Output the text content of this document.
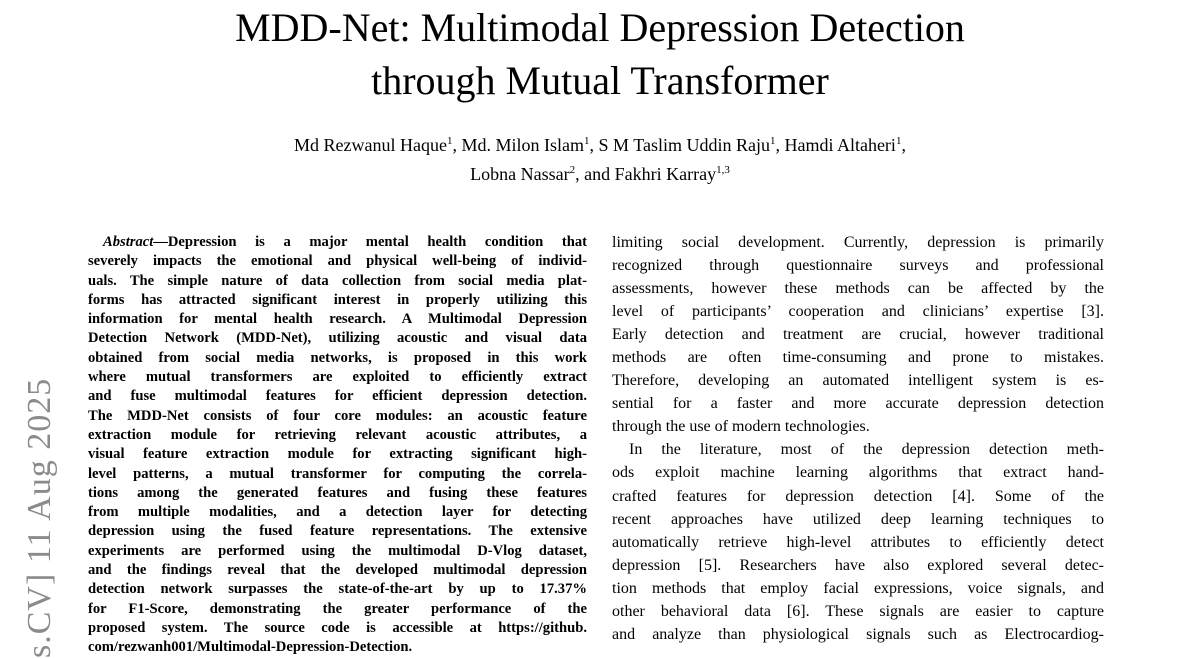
s.CV] 11 Aug 2025
MDD-Net: Multimodal Depression Detection
through Mutual Transformer
Md Rezwanul Haque$^1$, Md. Milon Islam$^1$, S M Taslim Uddin Raju$^1$, Hamdi Altaheri$^1$,
Lobna Nassar$^2$, and Fakhri Karray$^{1,3}$
Abstract—Depression is a major mental health condition that
severely impacts the emotional and physical well-being of individ-
uals. The simple nature of data collection from social media plat-
forms has attracted significant interest in properly utilizing this
information for mental health research. A Multimodal Depression
Detection Network (MDD-Net), utilizing acoustic and visual data
obtained from social media networks, is proposed in this work
where mutual transformers are exploited to efficiently extract
and fuse multimodal features for efficient depression detection.
The MDD-Net consists of four core modules: an acoustic feature
extraction module for retrieving relevant acoustic attributes, a
visual feature extraction module for extracting significant high-
level patterns, a mutual transformer for computing the correla-
tions among the generated features and fusing these features
from multiple modalities, and a detection layer for detecting
depression using the fused feature representations. The extensive
experiments are performed using the multimodal D-Vlog dataset,
and the findings reveal that the developed multimodal depression
detection network surpasses the state-of-the-art by up to 17.37%
for F1-Score, demonstrating the greater performance of the
proposed system. The source code is accessible at https://github.
com/rezwanh001/Multimodal-Depression-Detection.
limiting social development. Currently, depression is primarily
recognized through questionnaire surveys and professional
assessments, however these methods can be affected by the
level of participants’ cooperation and clinicians’ expertise [3].
Early detection and treatment are crucial, however traditional
methods are often time-consuming and prone to mistakes.
Therefore, developing an automated intelligent system is es-
sential for a faster and more accurate depression detection
through the use of modern technologies.
In the literature, most of the depression detection meth-
ods exploit machine learning algorithms that extract hand-
crafted features for depression detection [4]. Some of the
recent approaches have utilized deep learning techniques to
automatically retrieve high-level attributes to efficiently detect
depression [5]. Researchers have also explored several detec-
tion methods that employ facial expressions, voice signals, and
other behavioral data [6]. These signals are easier to capture
and analyze than physiological signals such as Electrocardiog-
